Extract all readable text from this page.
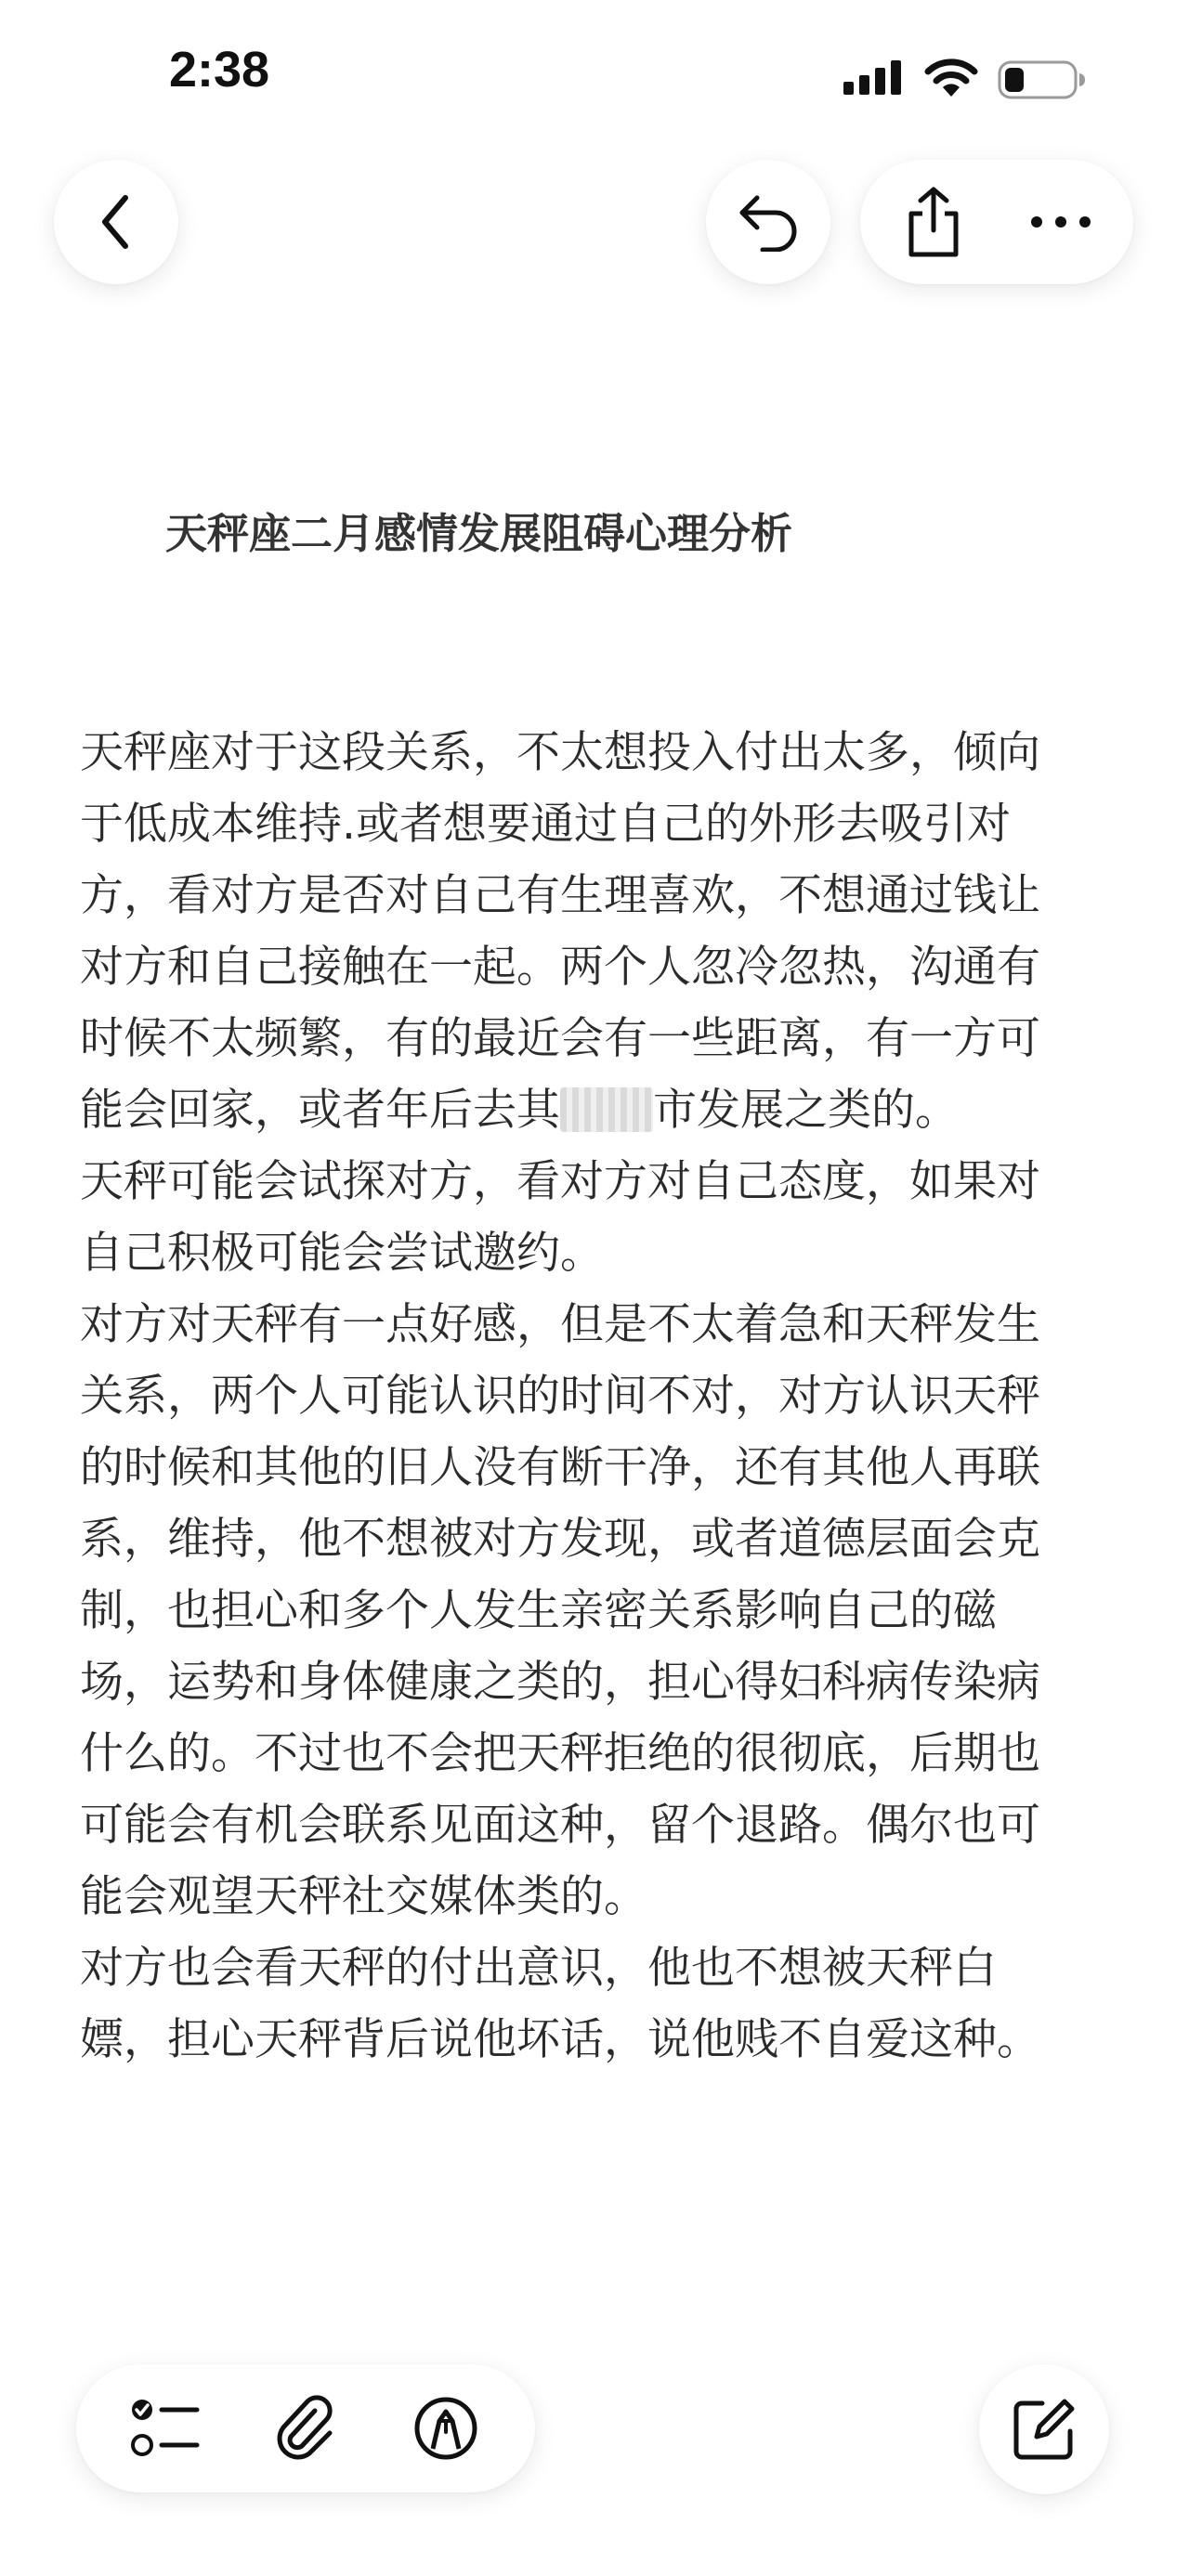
2:38
天秤座二月感情发展阻碍心理分析
天秤座对于这段关系，不太想投入付出太多，倾向
于低成本维持.或者想要通过自己的外形去吸引对
方，看对方是否对自己有生理喜欢，不想通过钱让
对方和自己接触在一起。两个人忽冷忽热，沟通有
时候不太频繁，有的最近会有一些距离，有一方可
能会回家，或者年后去其 市发展之类的。
天秤可能会试探对方，看对方对自己态度，如果对
自己积极可能会尝试邀约。
对方对天秤有一点好感，但是不太着急和天秤发生
关系，两个人可能认识的时间不对，对方认识天秤
的时候和其他的旧人没有断干净，还有其他人再联
系，维持，他不想被对方发现，或者道德层面会克
制，也担心和多个人发生亲密关系影响自己的磁
场，运势和身体健康之类的，担心得妇科病传染病
什么的。不过也不会把天秤拒绝的很彻底，后期也
可能会有机会联系见面这种，留个退路。偶尔也可
能会观望天秤社交媒体类的。
对方也会看天秤的付出意识，他也不想被天秤白
嫖，担心天秤背后说他坏话，说他贱不自爱这种。
